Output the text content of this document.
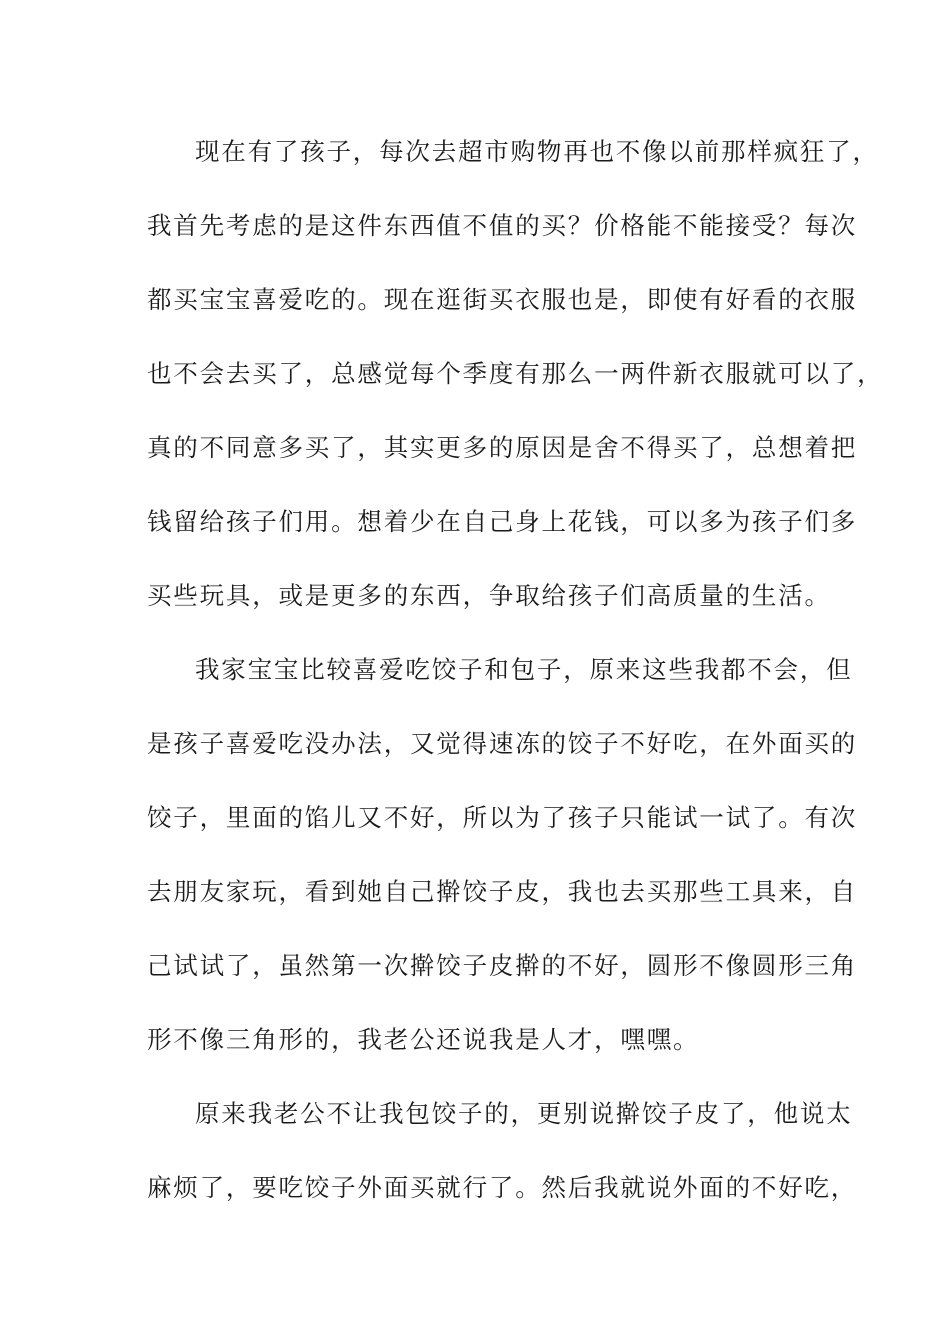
现在有了孩子，每次去超市购物再也不像以前那样疯狂了，
我首先考虑的是这件东西值不值的买？价格能不能接受？每次
都买宝宝喜爱吃的。现在逛街买衣服也是，即使有好看的衣服
也不会去买了，总感觉每个季度有那么一两件新衣服就可以了，
真的不同意多买了，其实更多的原因是舍不得买了，总想着把
钱留给孩子们用。想着少在自己身上花钱，可以多为孩子们多
买些玩具，或是更多的东西，争取给孩子们高质量的生活。
我家宝宝比较喜爱吃饺子和包子，原来这些我都不会，但
是孩子喜爱吃没办法，又觉得速冻的饺子不好吃，在外面买的
饺子，里面的馅儿又不好，所以为了孩子只能试一试了。有次
去朋友家玩，看到她自己擀饺子皮，我也去买那些工具来，自
己试试了，虽然第一次擀饺子皮擀的不好，圆形不像圆形三角
形不像三角形的，我老公还说我是人才，嘿嘿。
原来我老公不让我包饺子的，更别说擀饺子皮了，他说太
麻烦了，要吃饺子外面买就行了。然后我就说外面的不好吃，
